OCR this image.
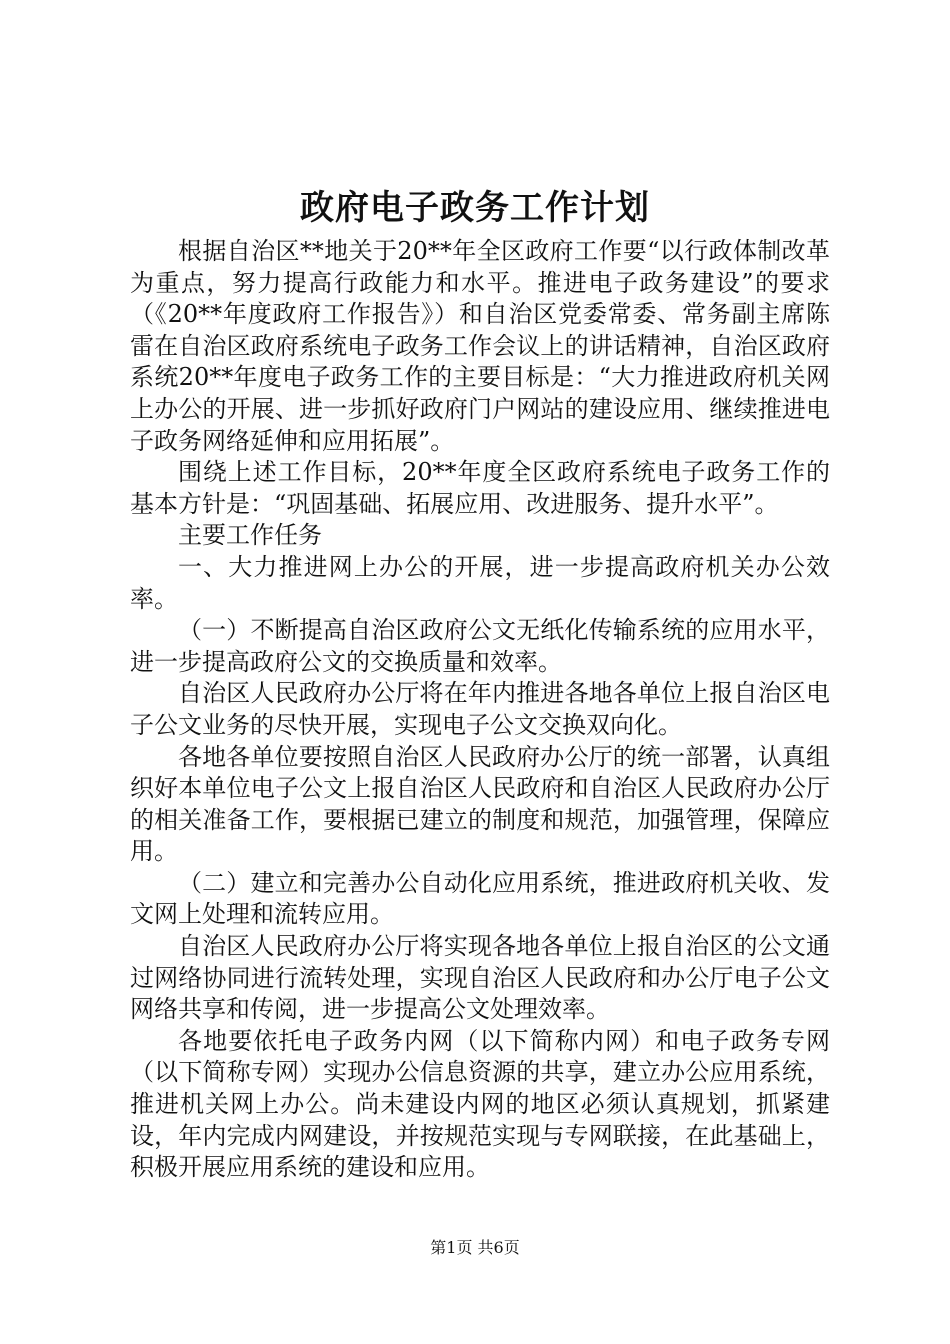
政府电子政务工作计划

根据自治区**地关于20**年全区政府工作要“以行政体制改革为重点，努力提高行政能力和水平。推进电子政务建设”的要求（《20**年度政府工作报告》）和自治区党委常委、常务副主席陈雷在自治区政府系统电子政务工作会议上的讲话精神，自治区政府系统20**年度电子政务工作的主要目标是：“大力推进政府机关网上办公的开展、进一步抓好政府门户网站的建设应用、继续推进电子政务网络延伸和应用拓展”。

围绕上述工作目标，20**年度全区政府系统电子政务工作的基本方针是：“巩固基础、拓展应用、改进服务、提升水平”。

主要工作任务

一、大力推进网上办公的开展，进一步提高政府机关办公效率。

（一）不断提高自治区政府公文无纸化传输系统的应用水平，进一步提高政府公文的交换质量和效率。

自治区人民政府办公厅将在年内推进各地各单位上报自治区电子公文业务的尽快开展，实现电子公文交换双向化。

各地各单位要按照自治区人民政府办公厅的统一部署，认真组织好本单位电子公文上报自治区人民政府和自治区人民政府办公厅的相关准备工作，要根据已建立的制度和规范，加强管理，保障应用。

（二）建立和完善办公自动化应用系统，推进政府机关收、发文网上处理和流转应用。

自治区人民政府办公厅将实现各地各单位上报自治区的公文通过网络协同进行流转处理，实现自治区人民政府和办公厅电子公文网络共享和传阅，进一步提高公文处理效率。

各地要依托电子政务内网（以下简称内网）和电子政务专网（以下简称专网）实现办公信息资源的共享，建立办公应用系统，推进机关网上办公。尚未建设内网的地区必须认真规划，抓紧建设，年内完成内网建设，并按规范实现与专网联接，在此基础上，积极开展应用系统的建设和应用。

第1页 共6页
